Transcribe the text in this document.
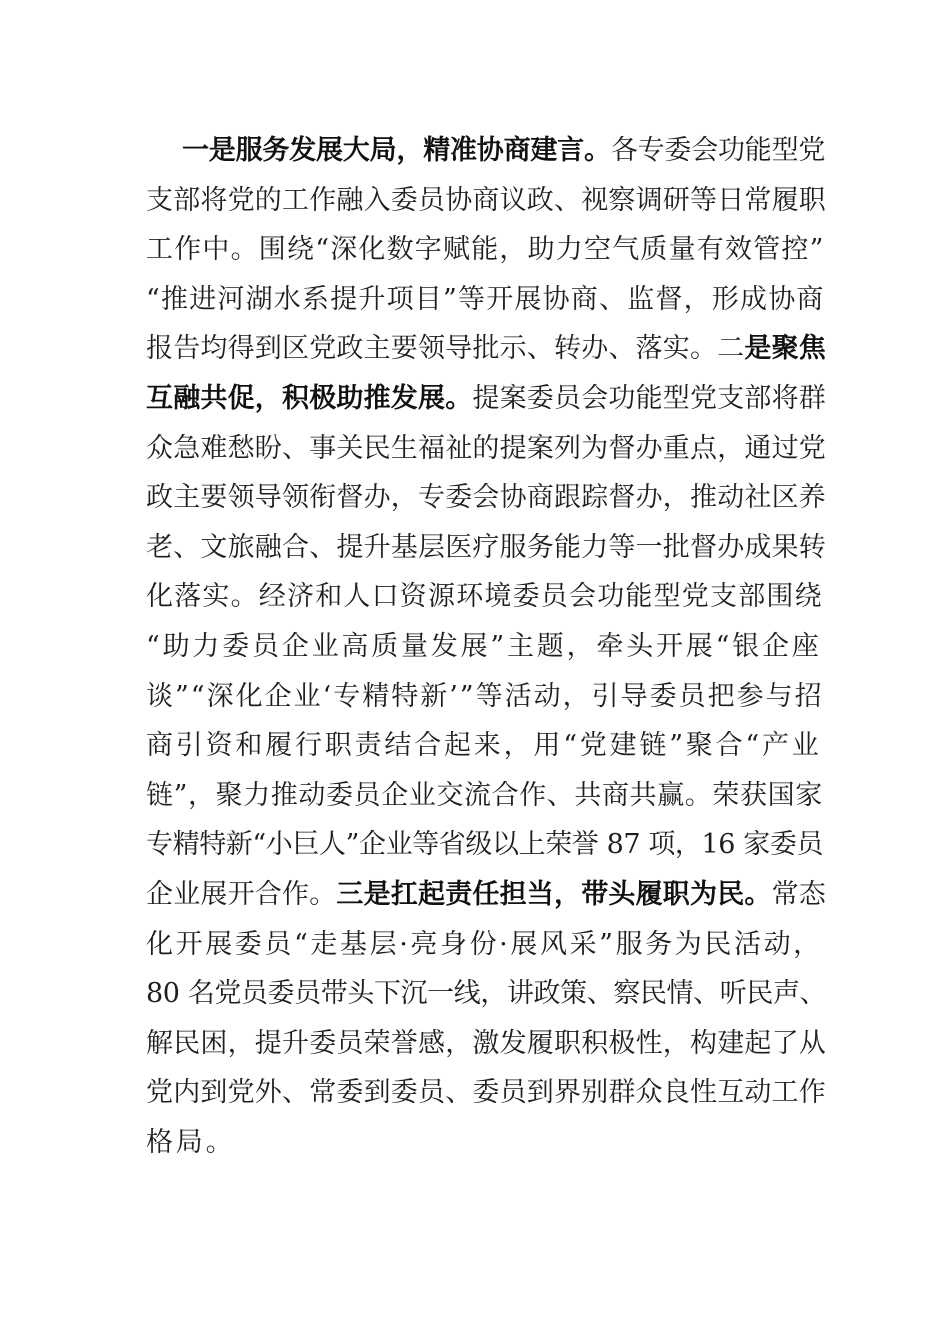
一是服务发展大局，精准协商建言。各专委会功能型党
支部将党的工作融入委员协商议政、视察调研等日常履职
工作中。围绕“深化数字赋能，助力空气质量有效管控”
“推进河湖水系提升项目”等开展协商、监督，形成协商
报告均得到区党政主要领导批示、转办、落实。二是聚焦
互融共促，积极助推发展。提案委员会功能型党支部将群
众急难愁盼、事关民生福祉的提案列为督办重点，通过党
政主要领导领衔督办，专委会协商跟踪督办，推动社区养
老、文旅融合、提升基层医疗服务能力等一批督办成果转
化落实。经济和人口资源环境委员会功能型党支部围绕
“助力委员企业高质量发展”主题，牵头开展“银企座
谈”“深化企业‘专精特新’”等活动，引导委员把参与招
商引资和履行职责结合起来，用“党建链”聚合“产业
链”，聚力推动委员企业交流合作、共商共赢。荣获国家
专精特新“小巨人”企业等省级以上荣誉 87 项，16 家委员
企业展开合作。三是扛起责任担当，带头履职为民。常态
化开展委员“走基层·亮身份·展风采”服务为民活动，
80 名党员委员带头下沉一线，讲政策、察民情、听民声、
解民困，提升委员荣誉感，激发履职积极性，构建起了从
党内到党外、常委到委员、委员到界别群众良性互动工作
格局。
